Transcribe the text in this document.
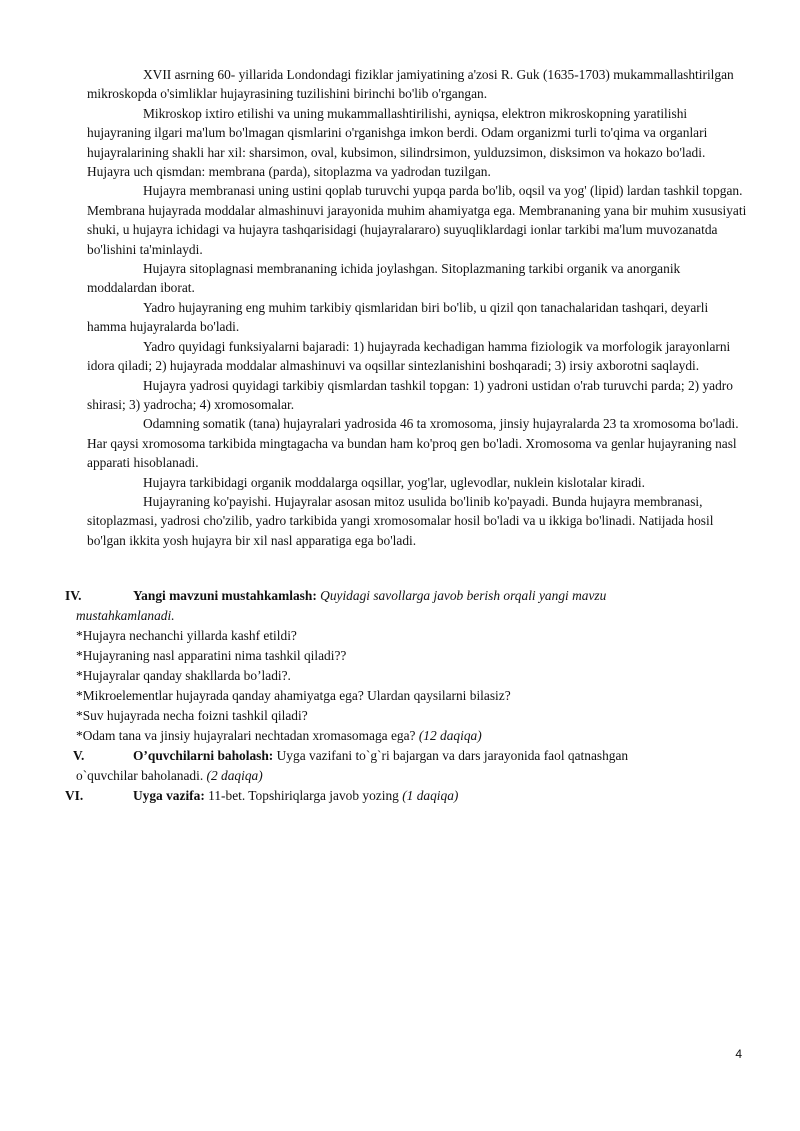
XVII asrning 60- yillarida Londondagi fiziklar jamiyatining a'zosi R. Guk (1635-1703) mukammallashtirilgan mikroskopda o'simliklar hujayrasining tuzilishini birinchi bo'lib o'rgangan.

Mikroskop ixtiro etilishi va uning mukammallashtirilishi, ayniqsa, elektron mikroskopning yaratilishi hujayraning ilgari ma'lum bo'lmagan qismlarini o'rganishga imkon berdi. Odam organizmi turli to'qima va organlari hujayralarining shakli har xil: sharsimon, oval, kubsimon, silindrsimon, yulduzsimon, disksimon va hokazo bo'ladi. Hujayra uch qismdan: membrana (parda), sitoplazma va yadrodan tuzilgan.

Hujayra membranasi uning ustini qoplab turuvchi yupqa parda bo'lib, oqsil va yog' (lipid) lardan tashkil topgan. Membrana hujayrada moddalar almashinuvi jarayonida muhim ahamiyatga ega. Membrananing yana bir muhim xususiyati shuki, u hujayra ichidagi va hujayra tashqarisidagi (hujayralararo) suyuqliklardagi ionlar tarkibi ma'lum muvozanatda bo'lishini ta'minlaydi.

Hujayra sitoplagnasi membrananing ichida joylashgan. Sitoplazmaning tarkibi organik va anorganik moddalardan iborat.

Yadro hujayraning eng muhim tarkibiy qismlaridan biri bo'lib, u qizil qon tanachalaridan tashqari, deyarli hamma hujayralarda bo'ladi.

Yadro quyidagi funksiyalarni bajaradi: 1) hujayrada kechadigan hamma fiziologik va morfologik jarayonlarni idora qiladi; 2) hujayrada moddalar almashinuvi va oqsillar sintezlanishini boshqaradi; 3) irsiy axborotni saqlaydi.

Hujayra yadrosi quyidagi tarkibiy qismlardan tashkil topgan: 1) yadroni ustidan o'rab turuvchi parda; 2) yadro shirasi; 3) yadrocha; 4) xromosomalar.

Odamning somatik (tana) hujayralari yadrosida 46 ta xromosoma, jinsiy hujayralarda 23 ta xromosoma bo'ladi. Har qaysi xromosoma tarkibida mingtagacha va bundan ham ko'proq gen bo'ladi. Xromosoma va genlar hujayraning nasl apparati hisoblanadi.

Hujayra tarkibidagi organik moddalarga oqsillar, yog'lar, uglevodlar, nuklein kislotalar kiradi.

Hujayraning ko'payishi. Hujayralar asosan mitoz usulida bo'linib ko'payadi. Bunda hujayra membranasi, sitoplazmasi, yadrosi cho'zilib, yadro tarkibida yangi xromosomalar hosil bo'ladi va u ikkiga bo'linadi. Natijada hosil bo'lgan ikkita yosh hujayra bir xil nasl apparatiga ega bo'ladi.

IV.	Yangi mavzuni mustahkamlash: Quyidagi savollarga javob berish orqali yangi mavzu
mustahkamlanadi.

*Hujayra nechanchi yillarda kashf etildi?

*Hujayraning nasl apparatini nima tashkil qiladi??

*Hujayralar qanday shakllarda bo’ladi?.

*Mikroelementlar hujayrada qanday ahamiyatga ega? Ulardan qaysilarni bilasiz?

*Suv hujayrada necha foizni tashkil qiladi?

*Odam tana va jinsiy hujayralari nechtadan xromasomaga ega? (12 daqiqa)

V.	O’quvchilarni baholash: Uyga vazifani to`g`ri bajargan va dars jarayonida faol qatnashgan
o`quvchilar baholanadi. (2 daqiqa)
VI.	Uyga vazifa: 11-bet. Topshiriqlarga javob yozing (1 daqiqa)
4
